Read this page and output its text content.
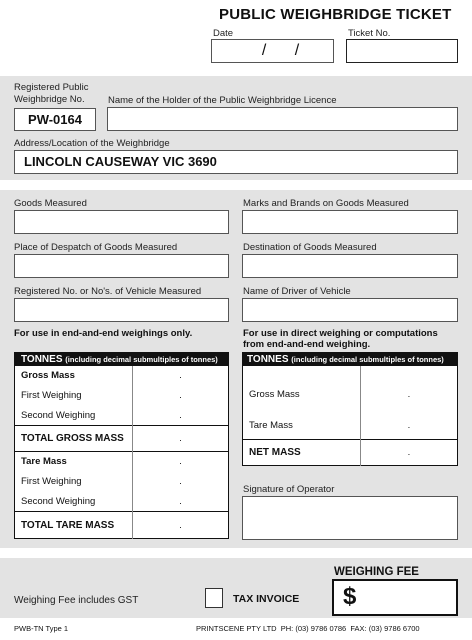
PUBLIC WEIGHBRIDGE TICKET
Date
/ /
Ticket No.
Registered Public
Weighbridge No.
PW-0164
Name of the Holder of the Public Weighbridge Licence
Address/Location of the Weighbridge
LINCOLN CAUSEWAY VIC 3690
Goods Measured	Marks and Brands on Goods Measured
Place of Despatch of Goods Measured	Destination of Goods Measured
Registered No. or No's. of Vehicle Measured	Name of Driver of Vehicle
For use in end-and-end weighings only.
TONNES (including decimal submultiples of tonnes)	
Gross Mass	.
First Weighing	.
Second Weighing	.
TOTAL GROSS MASS	.
Tare Mass	.
First Weighing	.
Second Weighing	.
TOTAL TARE MASS	.
For use in direct weighing or computations
from end-and-end weighing.
TONNES (including decimal submultiples of tonnes)	
Gross Mass	.
Tare Mass	.
NET MASS	.
Signature of Operator
Weighing Fee includes GST	TAX INVOICE
WEIGHING FEE
$
PWB-TN Type 1	PRINTSCENE PTY LTD  PH: (03) 9786 0786  FAX: (03) 9786 6700
